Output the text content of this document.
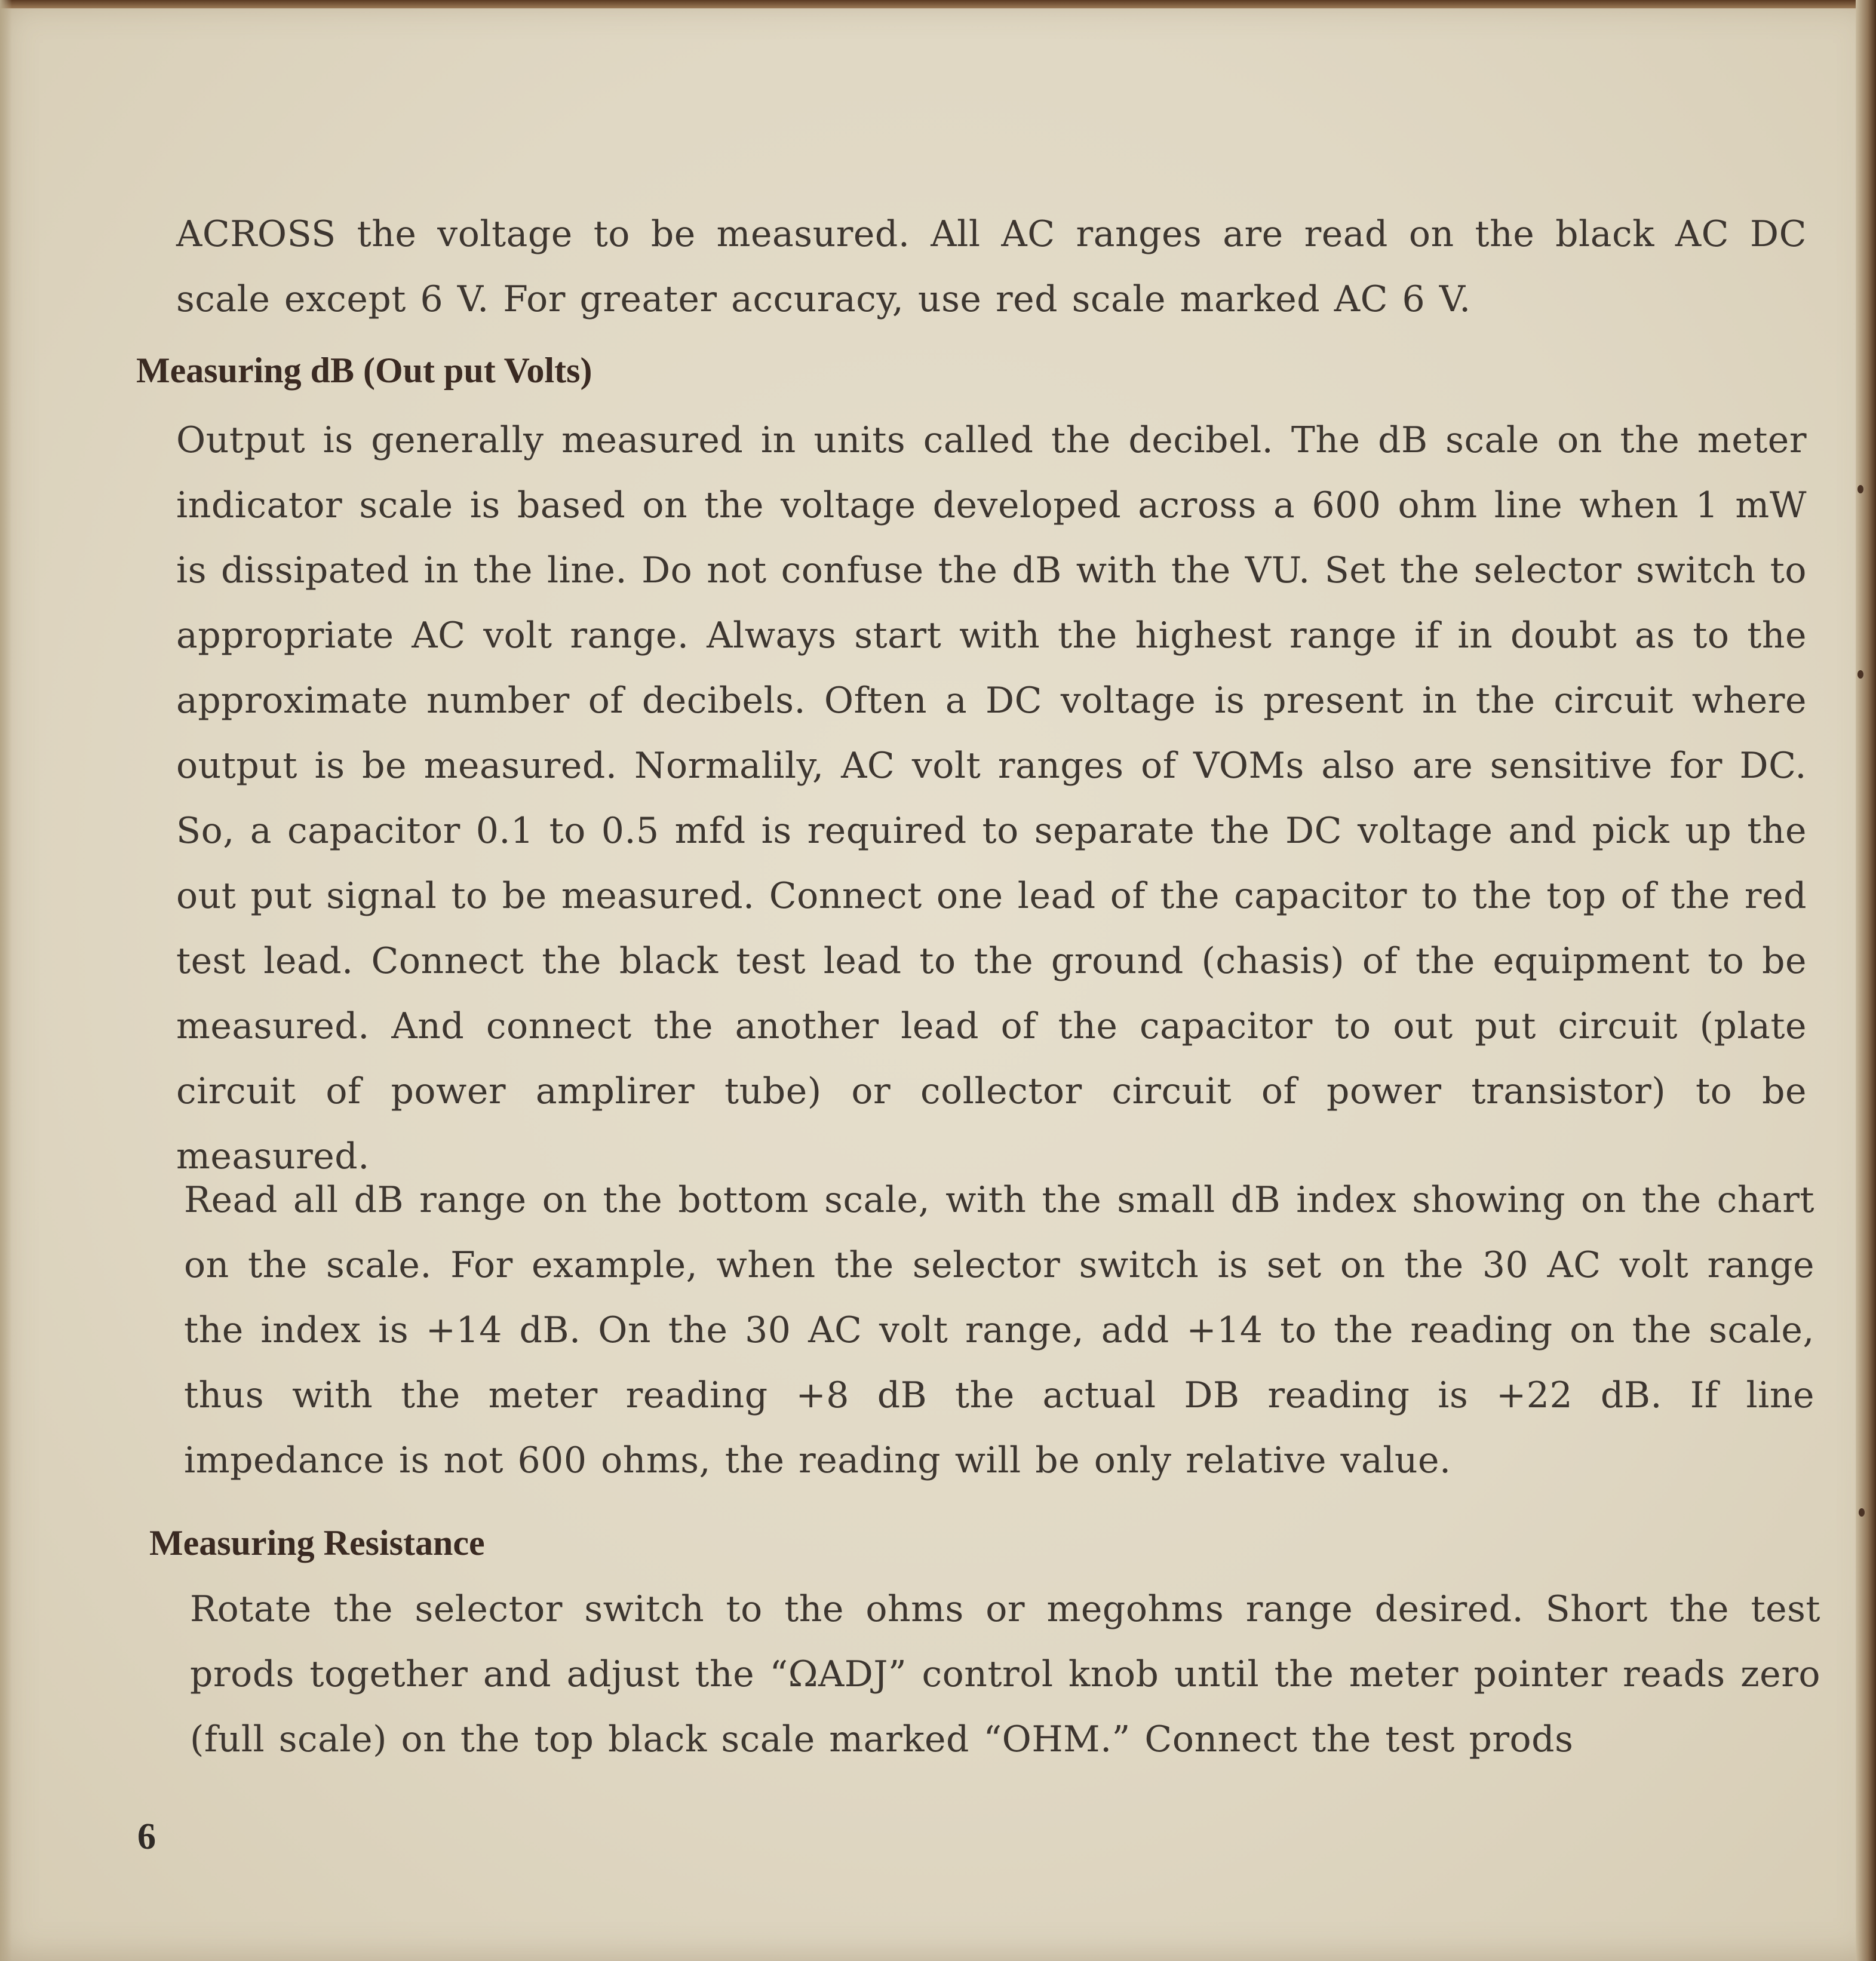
ACROSS the voltage to be measured. All AC ranges are read on the black AC DC scale except 6 V. For greater accuracy, use red scale marked AC 6 V.

Measuring dB (Out put Volts)

Output is generally measured in units called the decibel. The dB scale on the meter indicator scale is based on the voltage developed across a 600 ohm line when 1 mW is dissipated in the line. Do not confuse the dB with the VU. Set the selector switch to appropriate AC volt range. Always start with the highest range if in doubt as to the approximate number of decibels. Often a DC voltage is present in the circuit where output is be measured. Normalily, AC volt ranges of VOMs also are sensitive for DC. So, a capacitor 0.1 to 0.5 mfd is required to separate the DC voltage and pick up the out put signal to be measured. Connect one lead of the capacitor to the top of the red test lead. Connect the black test lead to the ground (chasis) of the equipment to be measured. And connect the another lead of the capacitor to out put circuit (plate circuit of power amplirer tube) or collector circuit of power transistor) to be measured.

Read all dB range on the bottom scale, with the small dB index showing on the chart on the scale. For example, when the selector switch is set on the 30 AC volt range the index is +14 dB. On the 30 AC volt range, add +14 to the reading on the scale, thus with the meter reading +8 dB the actual DB reading is +22 dB. If line impedance is not 600 ohms, the reading will be only relative value.

Measuring Resistance

Rotate the selector switch to the ohms or megohms range desired. Short the test prods together and adjust the “ΩADJ” control knob until the meter pointer reads zero (full scale) on the top black scale marked “OHM.” Connect the test prods

6
